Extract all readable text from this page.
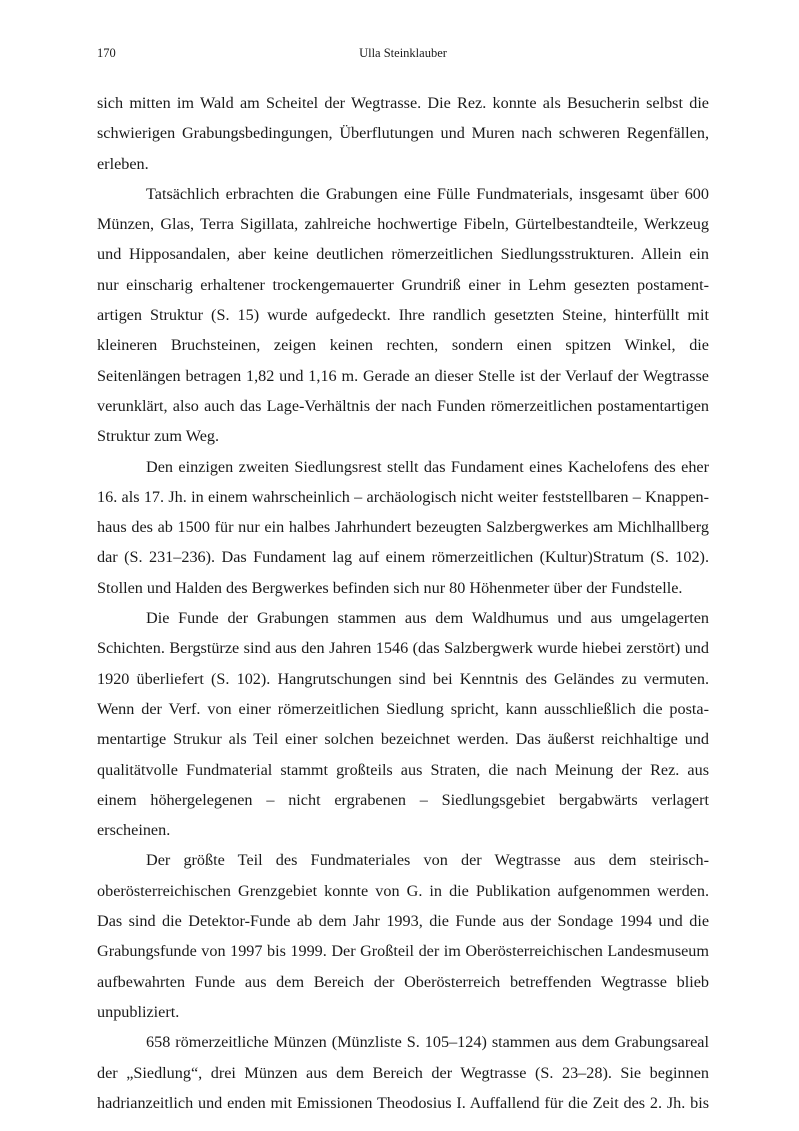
170	Ulla Steinklauber
sich mitten im Wald am Scheitel der Wegtrasse. Die Rez. konnte als Besucherin selbst die
schwierigen Grabungsbedingungen, Überflutungen und Muren nach schweren Regenfällen,
erleben.
Tatsächlich erbrachten die Grabungen eine Fülle Fundmaterials, insgesamt über 600
Münzen, Glas, Terra Sigillata, zahlreiche hochwertige Fibeln, Gürtelbestandteile, Werkzeug
und Hipposandalen, aber keine deutlichen römerzeitlichen Siedlungsstrukturen. Allein ein
nur einscharig erhaltener trockengemauerter Grundriß einer in Lehm gesezten postament-
artigen Struktur (S. 15) wurde aufgedeckt. Ihre randlich gesetzten Steine, hinterfüllt mit
kleineren Bruchsteinen, zeigen keinen rechten, sondern einen spitzen Winkel, die
Seitenlängen betragen 1,82 und 1,16 m. Gerade an dieser Stelle ist der Verlauf der Wegtrasse
verunklärt, also auch das Lage-Verhältnis der nach Funden römerzeitlichen postamentartigen
Struktur zum Weg.
Den einzigen zweiten Siedlungsrest stellt das Fundament eines Kachelofens des eher
16. als 17. Jh. in einem wahrscheinlich – archäologisch nicht weiter feststellbaren – Knappen-
haus des ab 1500 für nur ein halbes Jahrhundert bezeugten Salzbergwerkes am Michlhallberg
dar (S. 231–236). Das Fundament lag auf einem römerzeitlichen (Kultur)Stratum (S. 102).
Stollen und Halden des Bergwerkes befinden sich nur 80 Höhenmeter über der Fundstelle.
Die Funde der Grabungen stammen aus dem Waldhumus und aus umgelagerten
Schichten. Bergstürze sind aus den Jahren 1546 (das Salzbergwerk wurde hiebei zerstört) und
1920 überliefert (S. 102). Hangrutschungen sind bei Kenntnis des Geländes zu vermuten.
Wenn der Verf. von einer römerzeitlichen Siedlung spricht, kann ausschließlich die posta-
mentartige Strukur als Teil einer solchen bezeichnet werden. Das äußerst reichhaltige und
qualitätvolle Fundmaterial stammt großteils aus Straten, die nach Meinung der Rez. aus
einem höhergelegenen – nicht ergrabenen – Siedlungsgebiet bergabwärts verlagert
erscheinen.
Der größte Teil des Fundmateriales von der Wegtrasse aus dem steirisch-
oberösterreichischen Grenzgebiet konnte von G. in die Publikation aufgenommen werden.
Das sind die Detektor-Funde ab dem Jahr 1993, die Funde aus der Sondage 1994 und die
Grabungsfunde von 1997 bis 1999. Der Großteil der im Oberösterreichischen Landesmuseum
aufbewahrten Funde aus dem Bereich der Oberösterreich betreffenden Wegtrasse blieb
unpubliziert.
658 römerzeitliche Münzen (Münzliste S. 105–124) stammen aus dem Grabungsareal
der „Siedlung“, drei Münzen aus dem Bereich der Wegtrasse (S. 23–28). Sie beginnen
hadrianzeitlich und enden mit Emissionen Theodosius I. Auffallend für die Zeit des 2. Jh. bis
